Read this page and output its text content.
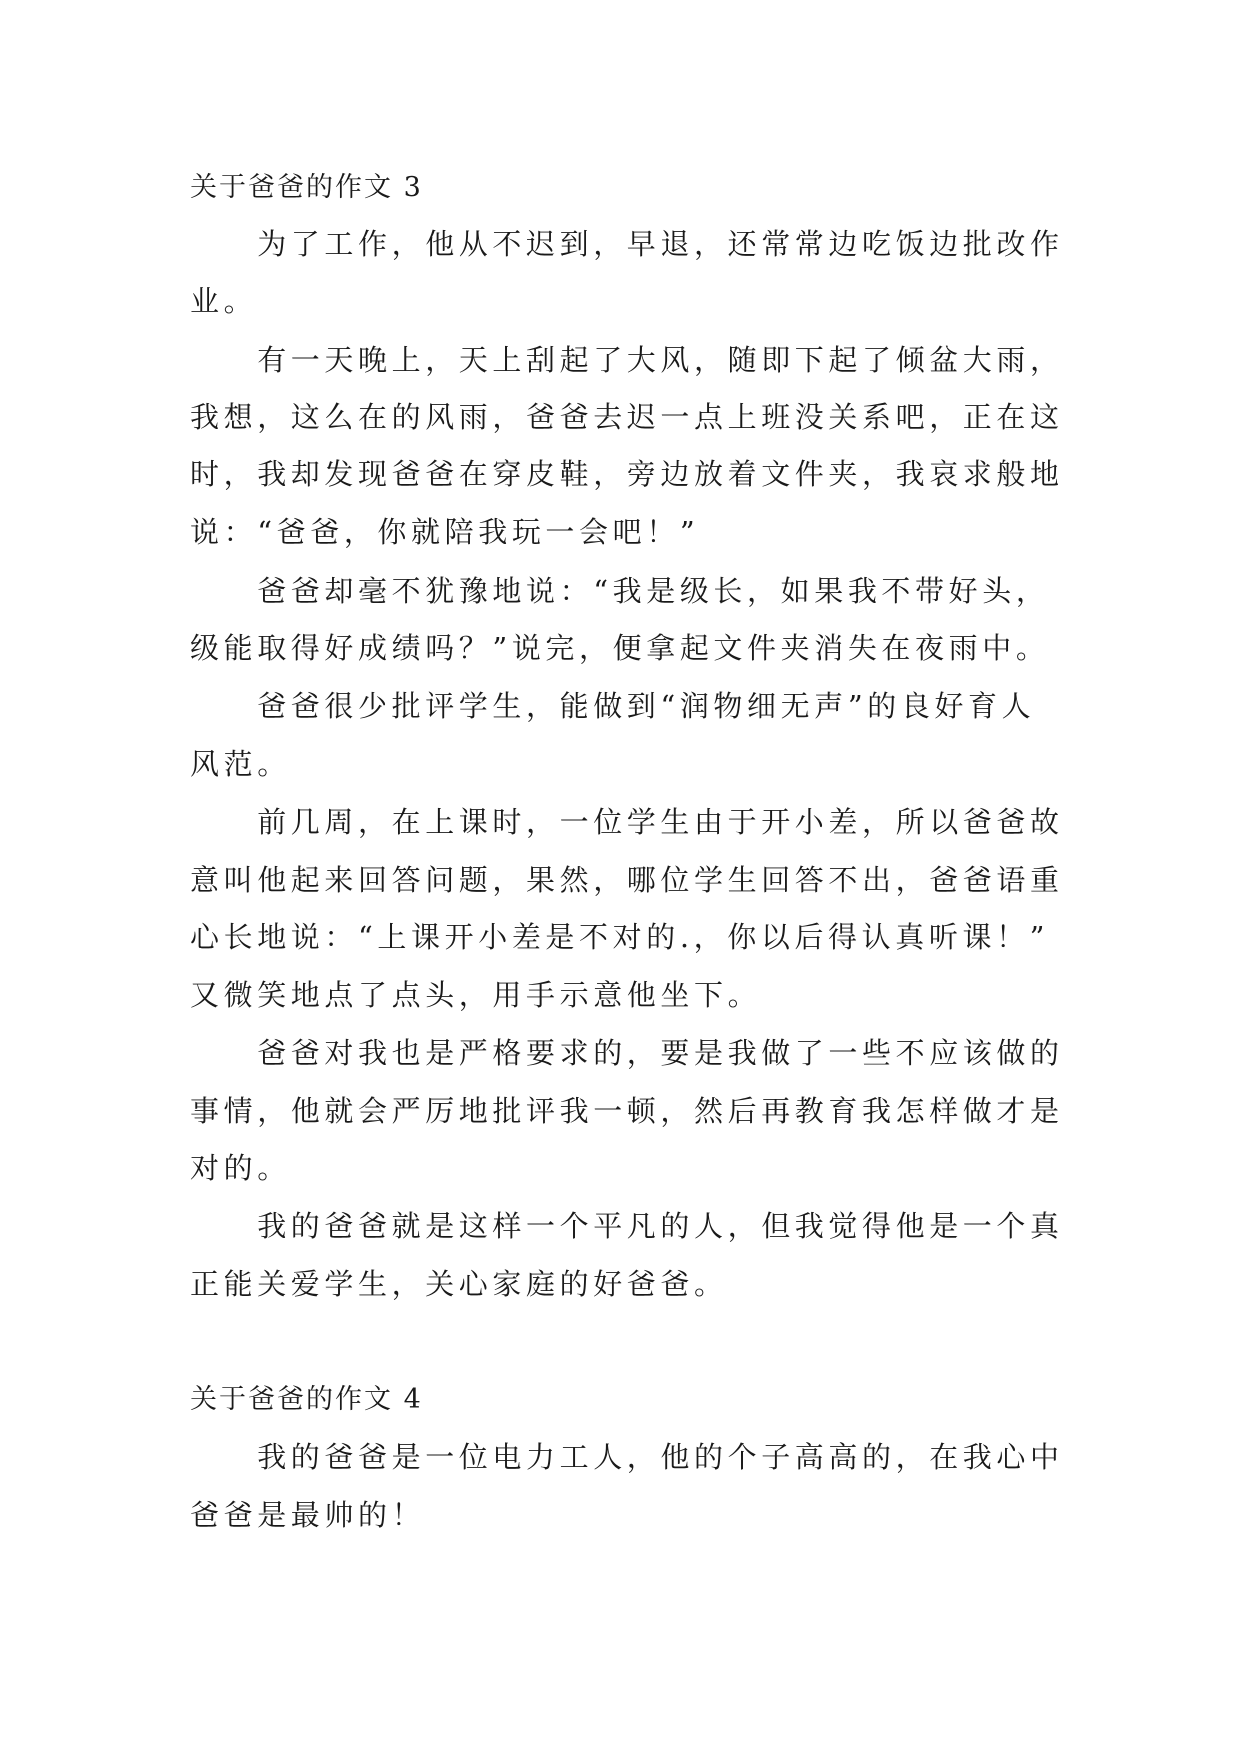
关于爸爸的作文 3
　　为了工作，他从不迟到，早退，还常常边吃饭边批改作
业。
　　有一天晚上，天上刮起了大风，随即下起了倾盆大雨，
我想，这么在的风雨，爸爸去迟一点上班没关系吧，正在这
时，我却发现爸爸在穿皮鞋，旁边放着文件夹，我哀求般地
说：“爸爸，你就陪我玩一会吧！”
　　爸爸却毫不犹豫地说：“我是级长，如果我不带好头，
级能取得好成绩吗？”说完，便拿起文件夹消失在夜雨中。
　　爸爸很少批评学生，能做到“润物细无声”的良好育人
风范。
　　前几周，在上课时，一位学生由于开小差，所以爸爸故
意叫他起来回答问题，果然，哪位学生回答不出，爸爸语重
心长地说：“上课开小差是不对的.，你以后得认真听课！”
又微笑地点了点头，用手示意他坐下。
　　爸爸对我也是严格要求的，要是我做了一些不应该做的
事情，他就会严厉地批评我一顿，然后再教育我怎样做才是
对的。
　　我的爸爸就是这样一个平凡的人，但我觉得他是一个真
正能关爱学生，关心家庭的好爸爸。
关于爸爸的作文 4
　　我的爸爸是一位电力工人，他的个子高高的，在我心中
爸爸是最帅的！
